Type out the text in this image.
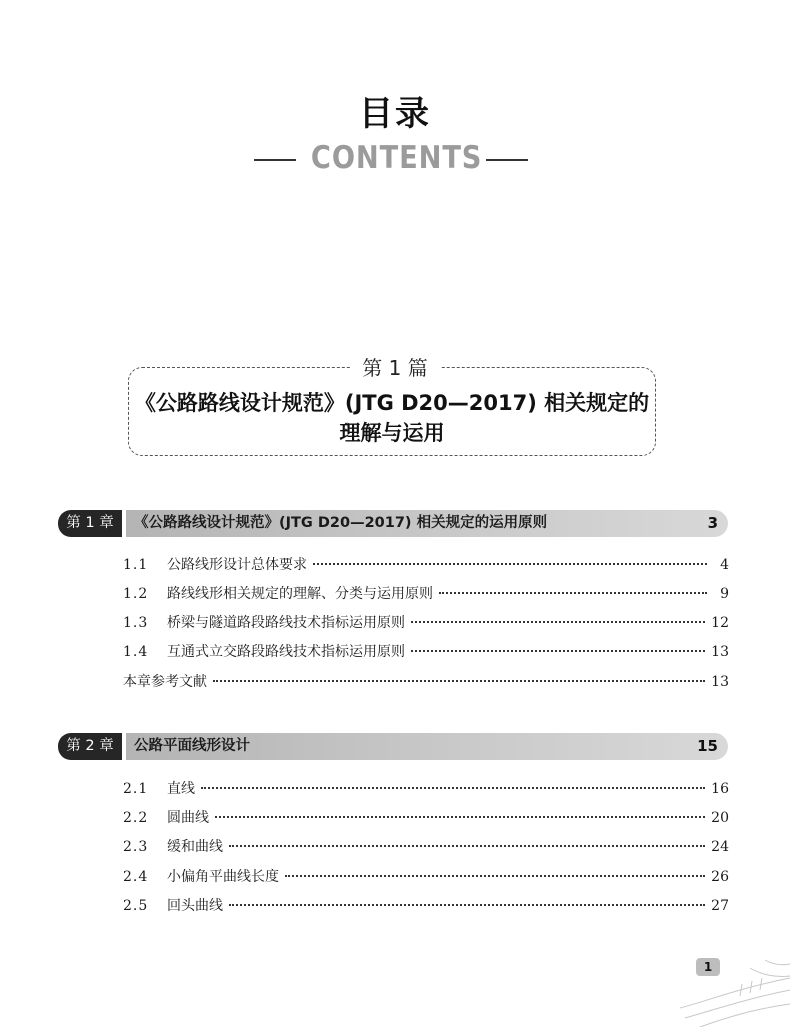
目录
CONTENTS
第 1 篇
《公路路线设计规范》(JTG D20—2017) 相关规定的
理解与运用
第 1 章	《公路路线设计规范》(JTG D20—2017) 相关规定的运用原则	3
1.1	公路线形设计总体要求	4
1.2	路线线形相关规定的理解、分类与运用原则	9
1.3	桥梁与隧道路段路线技术指标运用原则	12
1.4	互通式立交路段路线技术指标运用原则	13
本章参考文献	13
第 2 章	公路平面线形设计	15
2.1	直线	16
2.2	圆曲线	20
2.3	缓和曲线	24
2.4	小偏角平曲线长度	26
2.5	回头曲线	27
1
